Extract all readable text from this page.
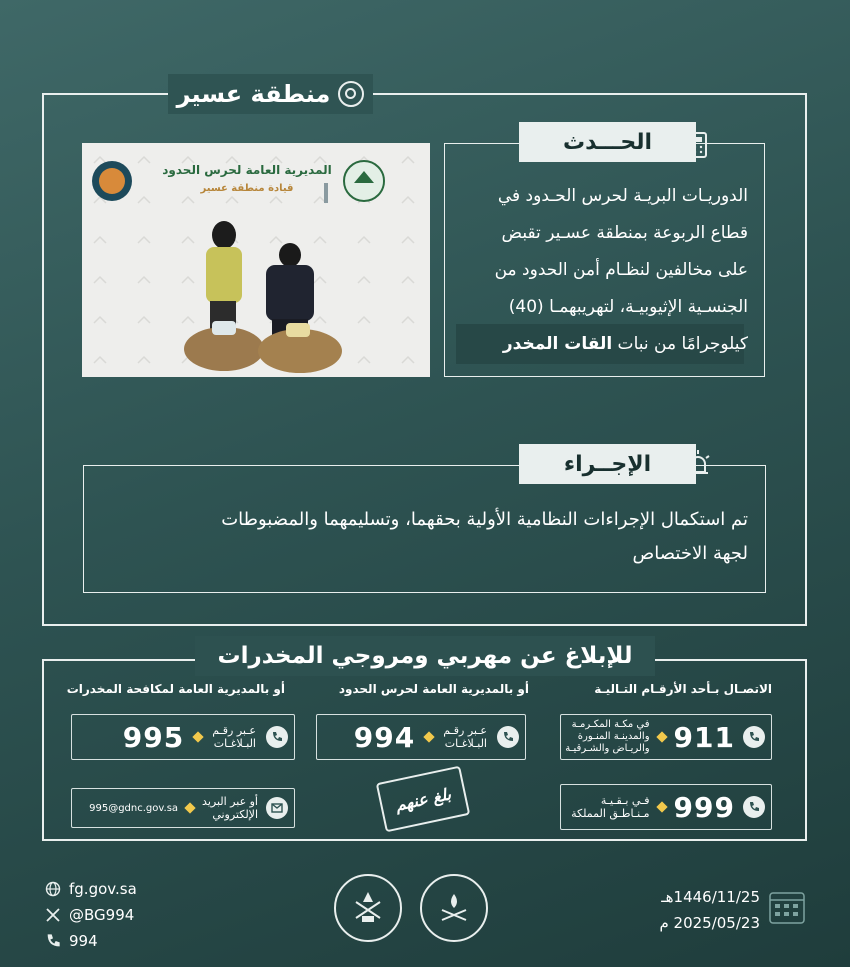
منطقة عسير
الحـــدث
الدوريـات البريـة لحرس الحـدود في
قطاع الربوعة بمنطقة عسـير تقبض
على مخالفين لنظـام أمن الحدود من
الجنسـية الإثيوبيـة، لتهريبهمـا (40)
كيلوجرامًا من نبات القات المخدر
المديرية العامة لحرس الحدود
قيادة منطقة عسير
الإجــراء
تم استكمال الإجراءات النظامية الأولية بحقهما، وتسليمهما والمضبوطات
لجهة الاختصاص
للإبلاغ عن مهربي ومروجي المخدرات
الاتصـال بـأحد الأرقـام التـاليـة
أو بالمديرية العامة لحرس الحدود
أو بالمديرية العامة لمكافحة المخدرات
911
في مكـة المكـرمـة
والمدينـة المنـورة
والريـاض والشـرقيـة
999
فـي بـقـيـة
مـنـاطـق المملكة
عـبر رقـم
البـلاغـات
994
عـبر رقـم
البـلاغـات
995
أو عبر البريد
الإلكتروني
995@gdnc.gov.sa	بلغ عنهم
fg.gov.sa
@BG994
994
1446/11/25هـ
2025/05/23 م
